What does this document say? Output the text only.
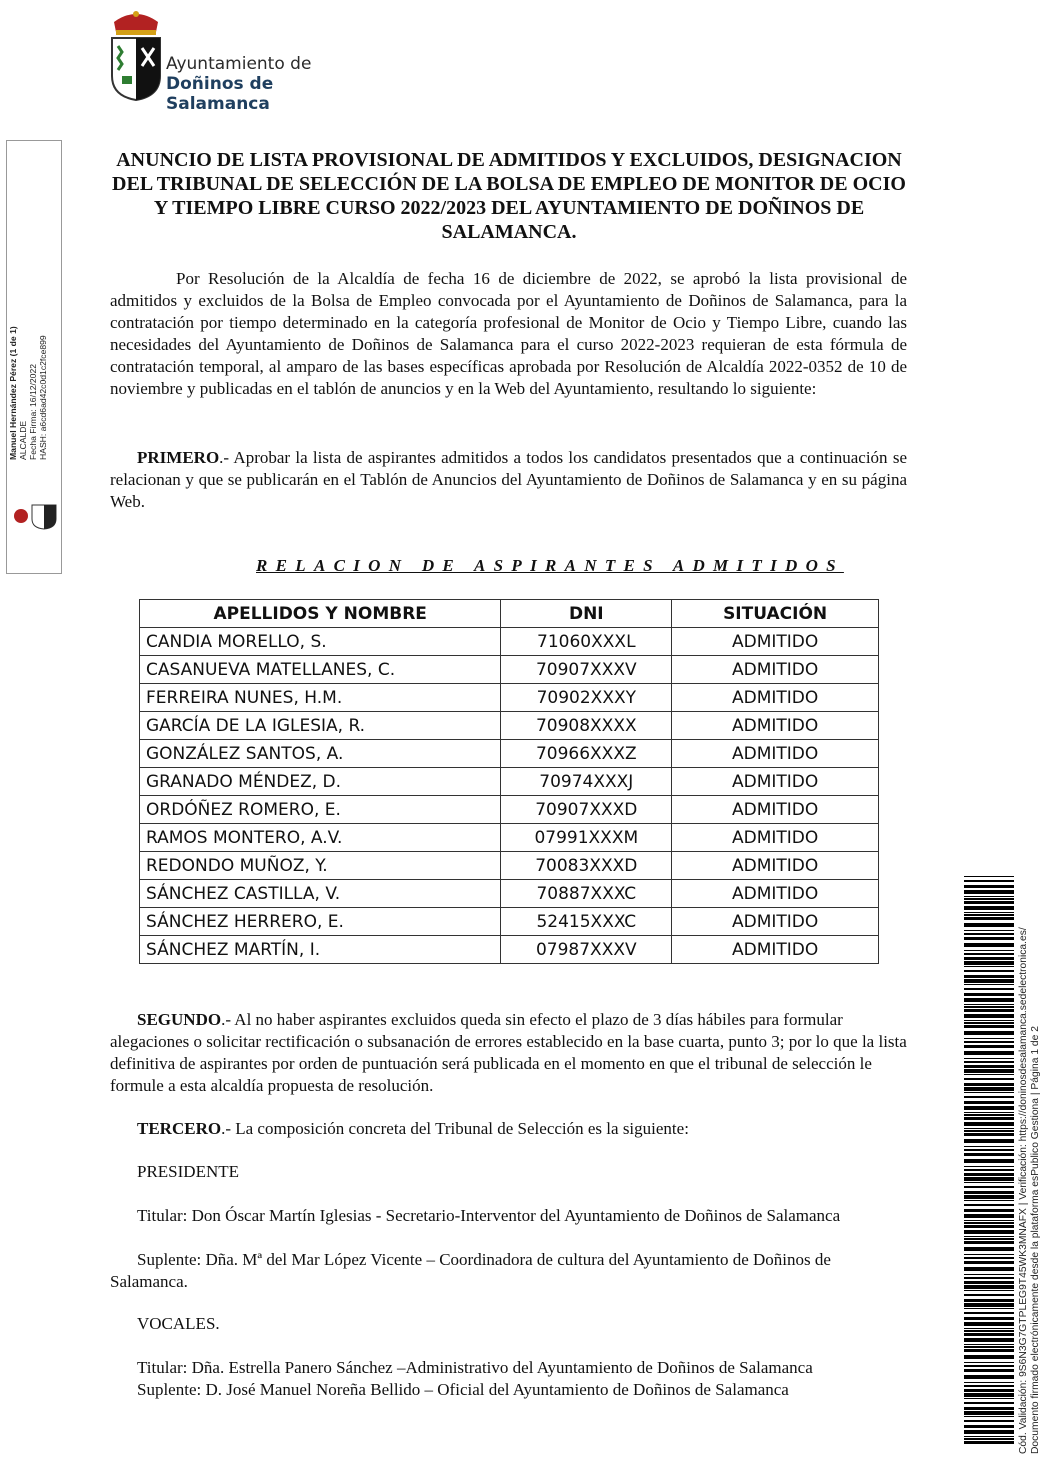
Ayuntamiento de
Doñinos de Salamanca
Manuel Hernández Pérez (1 de 1) ALCALDE Fecha Firma: 16/12/2022 HASH: a6cd6ad42c0d1c2fce899
ANUNCIO DE LISTA PROVISIONAL DE ADMITIDOS Y EXCLUIDOS, DESIGNACION DEL TRIBUNAL DE SELECCIÓN DE LA BOLSA DE EMPLEO DE MONITOR DE OCIO Y TIEMPO LIBRE CURSO 2022/2023 DEL AYUNTAMIENTO DE DOÑINOS DE SALAMANCA.
Por Resolución de la Alcaldía de fecha 16 de diciembre de 2022, se aprobó la lista provisional de admitidos y excluidos de la Bolsa de Empleo convocada por el Ayuntamiento de Doñinos de Salamanca, para la contratación por tiempo determinado en la categoría profesional de Monitor de Ocio y Tiempo Libre, cuando las necesidades del Ayuntamiento de Doñinos de Salamanca para el curso 2022-2023 requieran de esta fórmula de contratación temporal, al amparo de las bases específicas aprobada por Resolución de Alcaldía 2022-0352 de 10 de noviembre y publicadas en el tablón de anuncios y en la Web del Ayuntamiento, resultando lo siguiente:
PRIMERO.- Aprobar la lista de aspirantes admitidos a todos los candidatos presentados que a continuación se relacionan y que se publicarán en el Tablón de Anuncios del Ayuntamiento de Doñinos de Salamanca y en su página Web.
RELACION DE ASPIRANTES ADMITIDOS
APELLIDOS Y NOMBRE	DNI	SITUACIÓN
CANDIA MORELLO, S.	71060XXXL	ADMITIDO
CASANUEVA MATELLANES, C.	70907XXXV	ADMITIDO
FERREIRA NUNES, H.M.	70902XXXY	ADMITIDO
GARCÍA DE LA IGLESIA, R.	70908XXXX	ADMITIDO
GONZÁLEZ SANTOS, A.	70966XXXZ	ADMITIDO
GRANADO MÉNDEZ, D.	70974XXXJ	ADMITIDO
ORDÓÑEZ ROMERO, E.	70907XXXD	ADMITIDO
RAMOS MONTERO, A.V.	07991XXXM	ADMITIDO
REDONDO MUÑOZ, Y.	70083XXXD	ADMITIDO
SÁNCHEZ CASTILLA, V.	70887XXXC	ADMITIDO
SÁNCHEZ HERRERO, E.	52415XXXC	ADMITIDO
SÁNCHEZ MARTÍN, I.	07987XXXV	ADMITIDO
SEGUNDO.- Al no haber aspirantes excluidos queda sin efecto el plazo de 3 días hábiles para formular alegaciones o solicitar rectificación o subsanación de errores establecido en la base cuarta, punto 3; por lo que la lista definitiva de aspirantes por orden de puntuación será publicada en el momento en que el tribunal de selección le formule a esta alcaldía propuesta de resolución.
TERCERO.- La composición concreta del Tribunal de Selección es la siguiente:
PRESIDENTE
Titular: Don Óscar Martín Iglesias - Secretario-Interventor del Ayuntamiento de Doñinos de Salamanca
Suplente: Dña. Mª del Mar López Vicente – Coordinadora de cultura del Ayuntamiento de Doñinos de Salamanca.
VOCALES.
Titular: Dña. Estrella Panero Sánchez –Administrativo del Ayuntamiento de Doñinos de Salamanca
Suplente: D. José Manuel Noreña Bellido – Oficial del Ayuntamiento de Doñinos de Salamanca	Cód. Validación: 9S6N3G7GTPLEG9T45WK3MNAFX | Verificación: https://doninosdesalamanca.sedelectronica.es/ Documento firmado electrónicamente desde la plataforma esPublico Gestiona | Página 1 de 2
